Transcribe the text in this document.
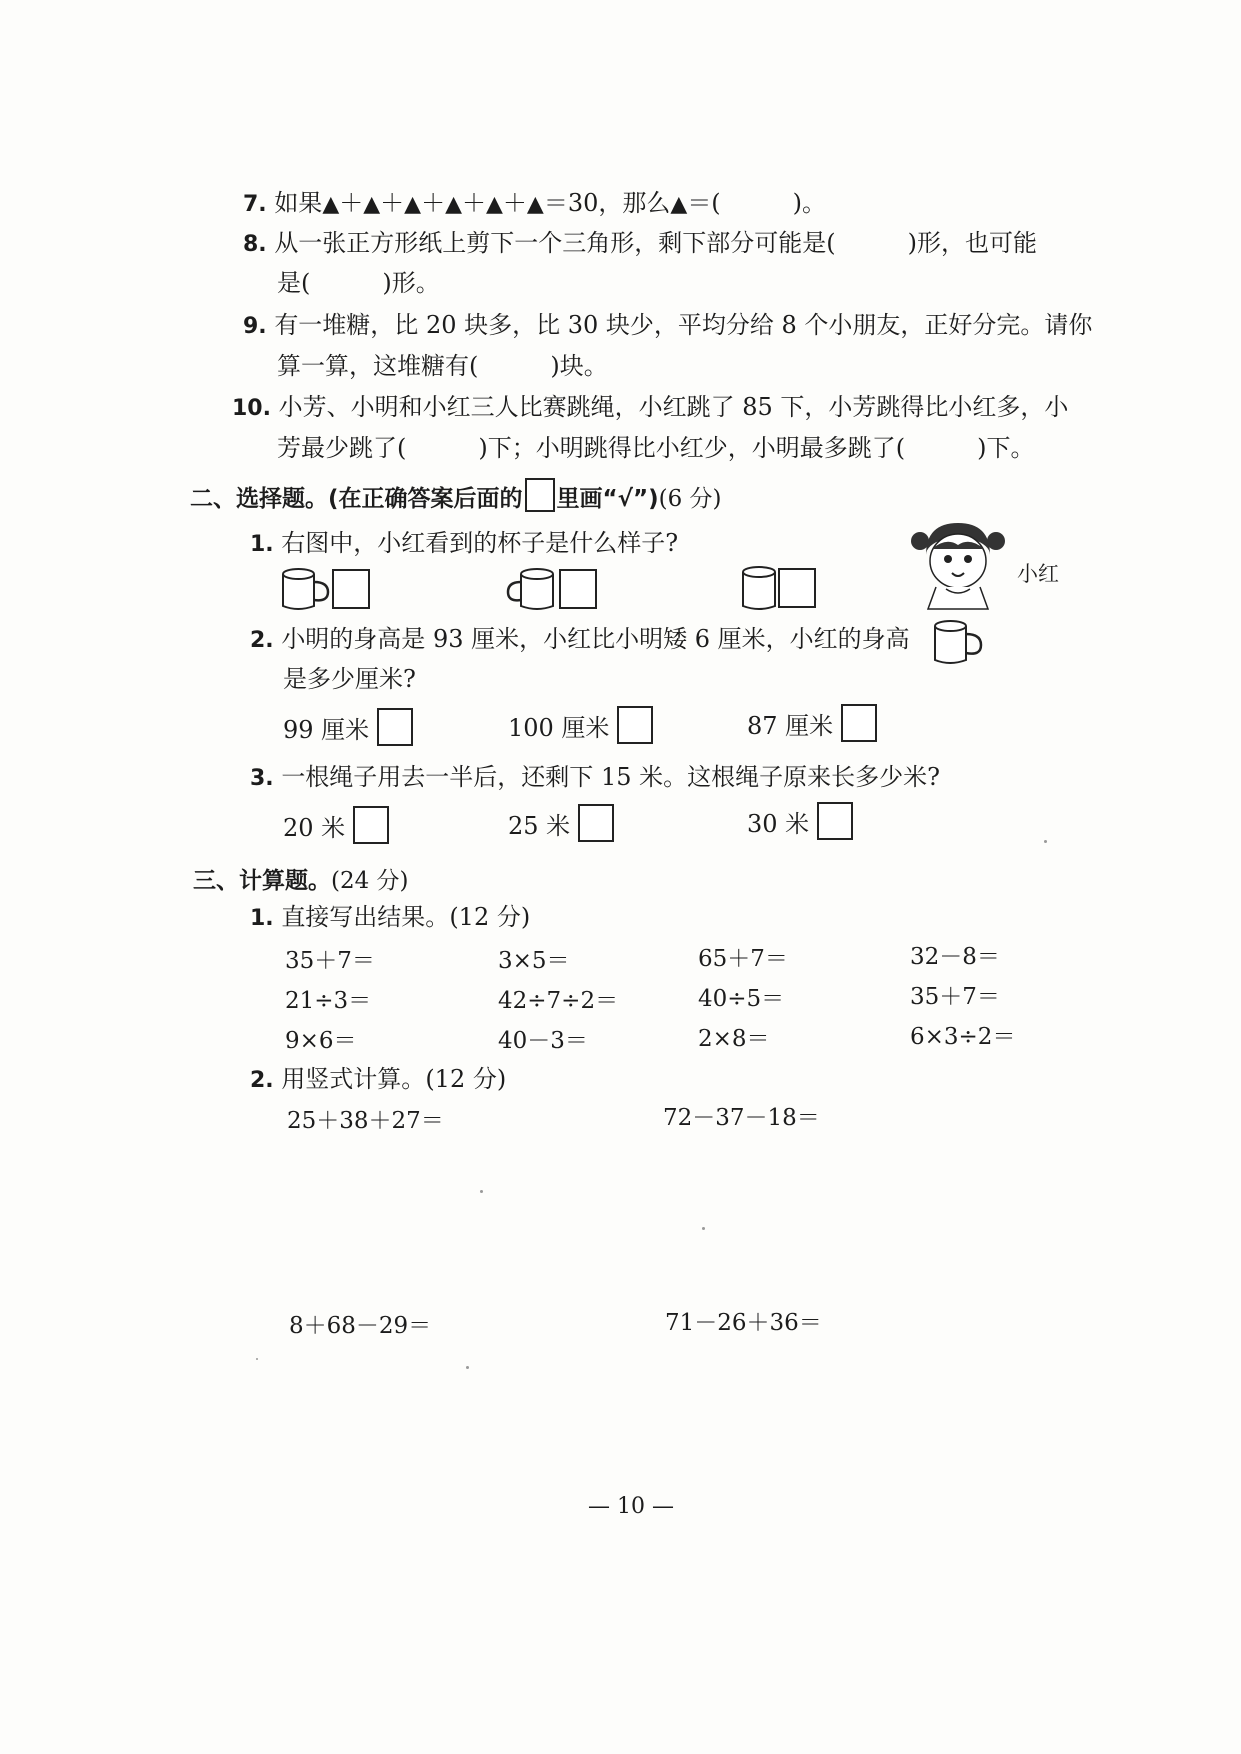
7. 如果▲＋▲＋▲＋▲＋▲＋▲＝30，那么▲＝(　　　)。
8. 从一张正方形纸上剪下一个三角形，剩下部分可能是(　　　)形，也可能
是(　　　)形。
9. 有一堆糖，比 20 块多，比 30 块少，平均分给 8 个小朋友，正好分完。请你
算一算，这堆糖有(　　　)块。
10. 小芳、小明和小红三人比赛跳绳，小红跳了 85 下，小芳跳得比小红多，小
芳最少跳了(　　　)下；小明跳得比小红少，小明最多跳了(　　　)下。
二、选择题。(在正确答案后面的 里画“√”)(6 分)
1. 右图中，小红看到的杯子是什么样子?
小红
2. 小明的身高是 93 厘米，小红比小明矮 6 厘米，小红的身高
是多少厘米?
99 厘米	100 厘米	87 厘米
3. 一根绳子用去一半后，还剩下 15 米。这根绳子原来长多少米?
20 米	25 米	30 米
三、计算题。(24 分)
1. 直接写出结果。(12 分)
35＋7＝	3×5＝	65＋7＝	32－8＝
21÷3＝	42÷7÷2＝	40÷5＝	35＋7＝
9×6＝	40－3＝	2×8＝	6×3÷2＝
2. 用竖式计算。(12 分)
25＋38＋27＝	72－37－18＝
8＋68－29＝	71－26＋36＝
— 10 —
